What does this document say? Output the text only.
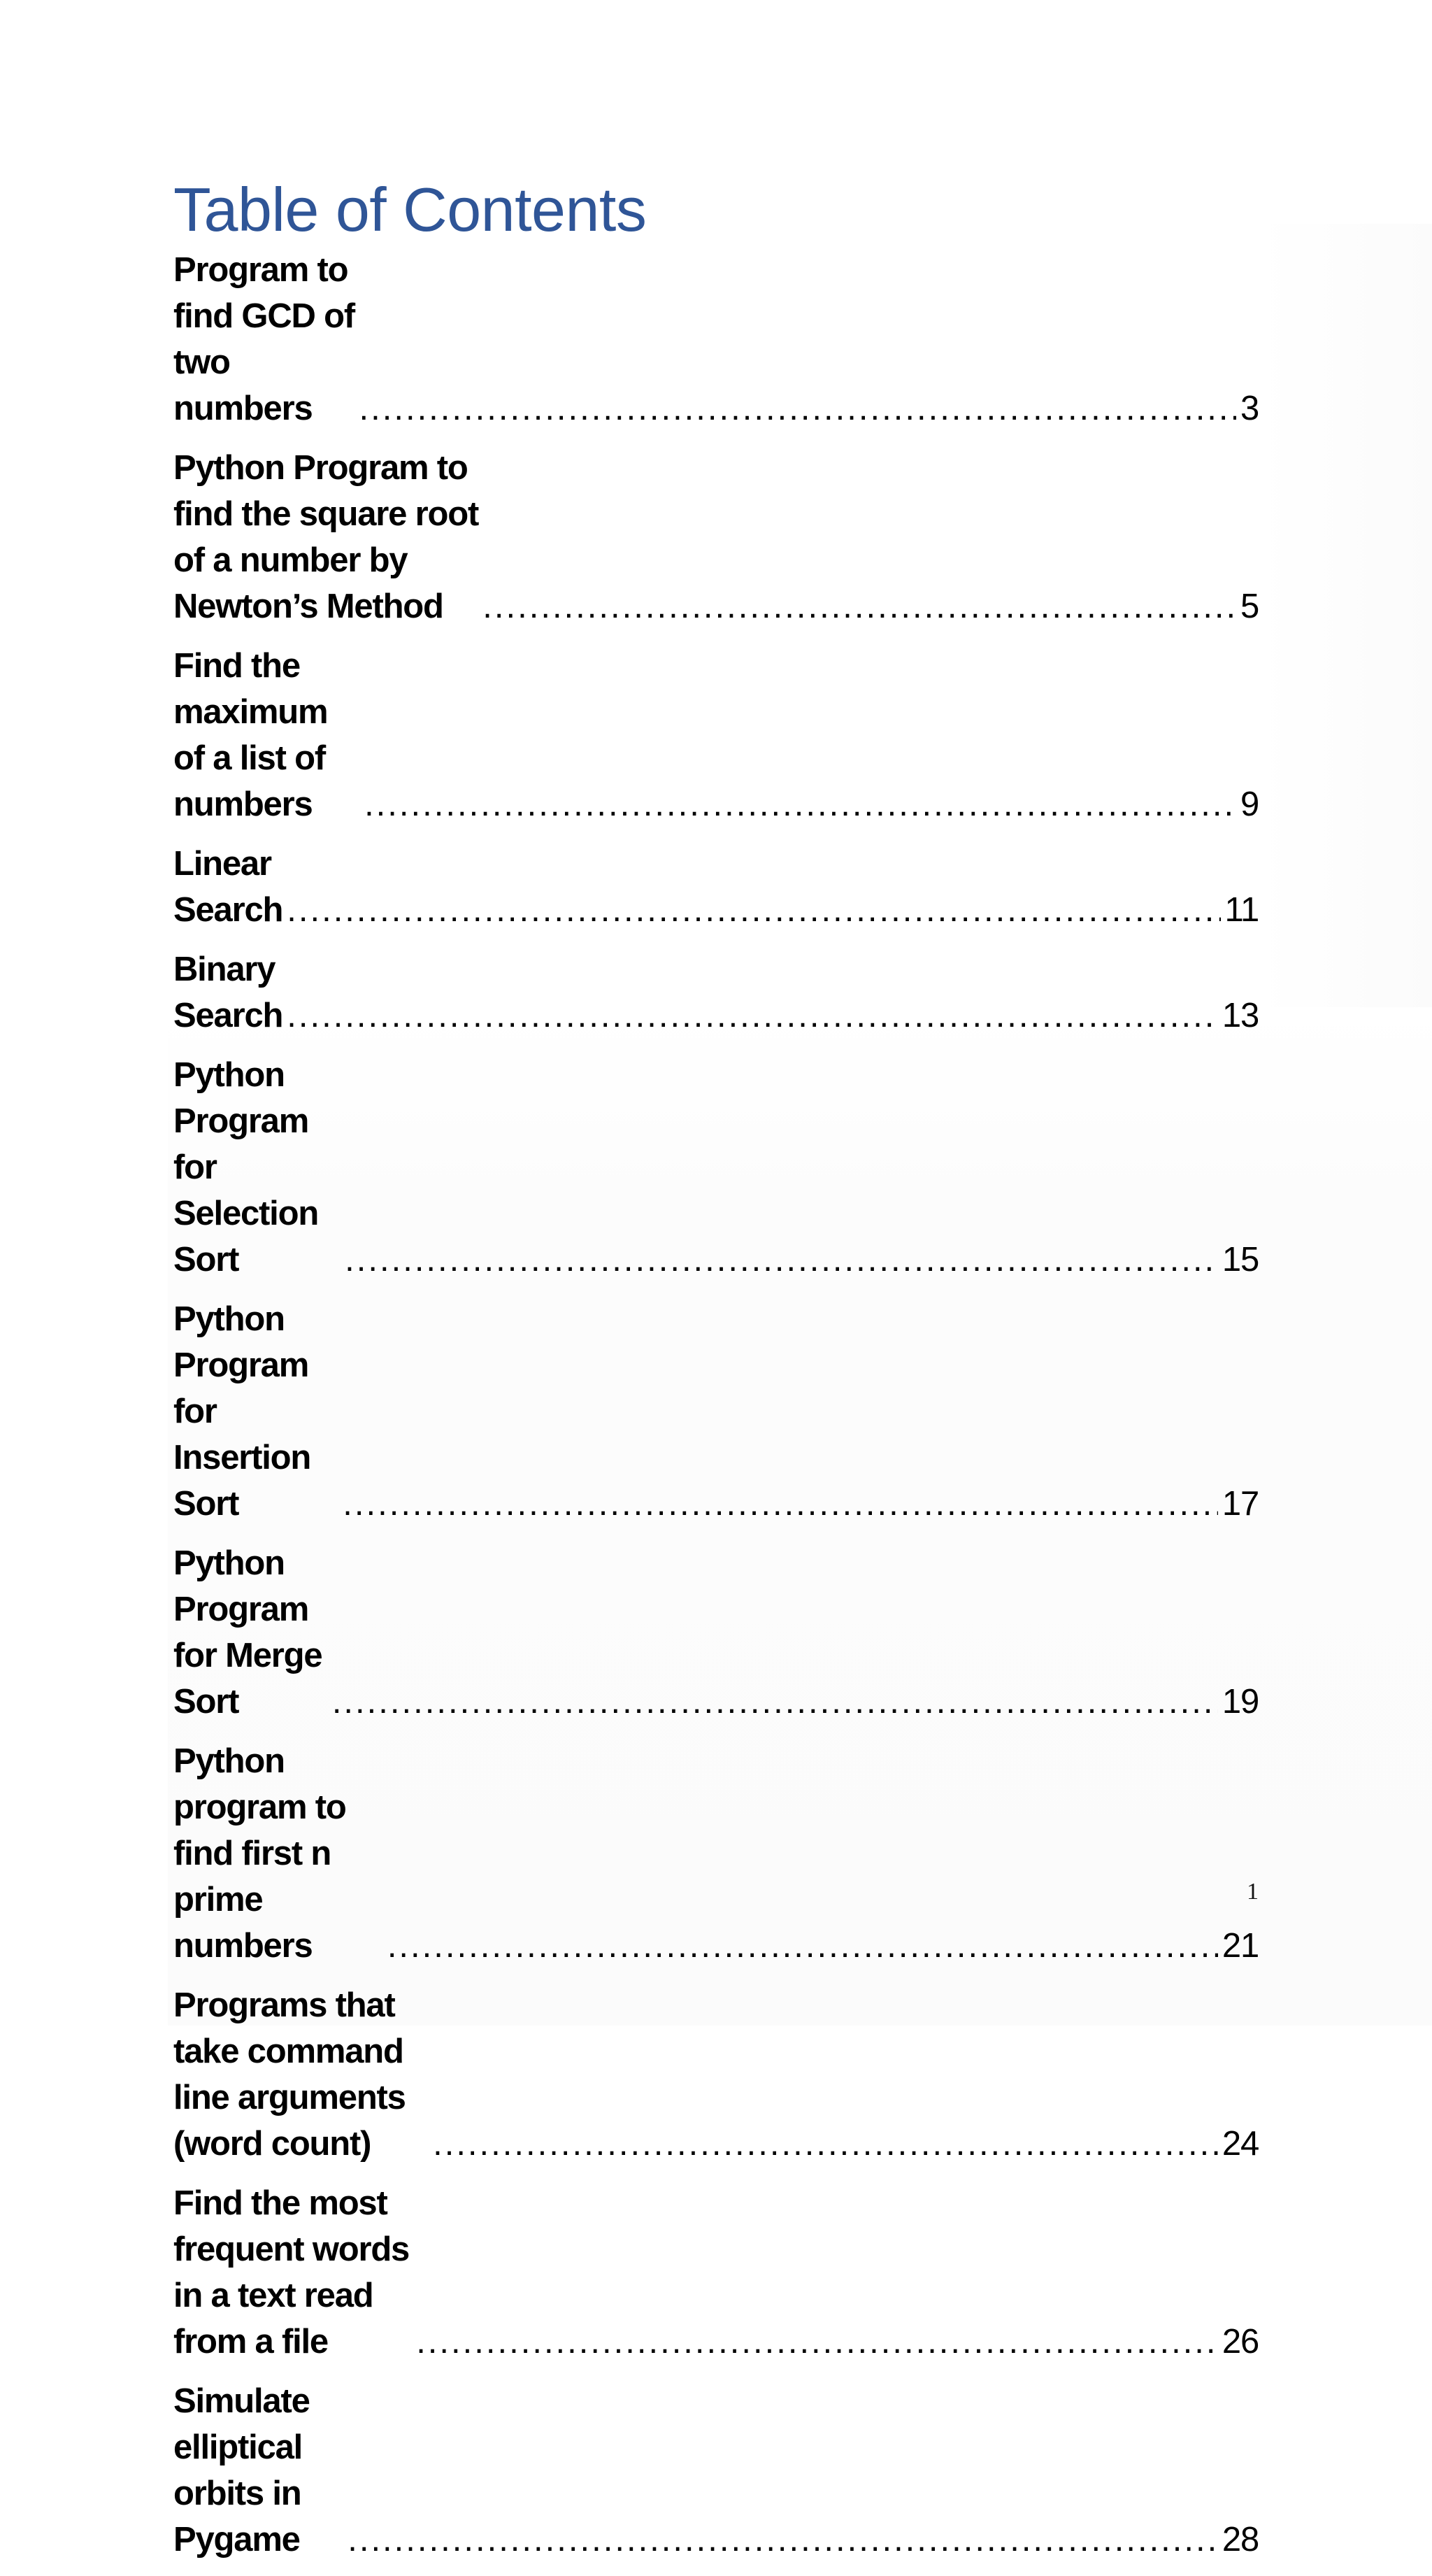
Table of Contents
Program to find GCD of two numbers .....	3
Python Program to find the square root of a number by Newton’s Method .....	5
Find the maximum of a list of numbers .....	9
Linear Search .....	11
Binary Search .....	13
Python Program for Selection Sort .....	15
Python Program for Insertion Sort .....	17
Python Program for Merge Sort .....	19
Python program to find first n prime numbers .....	21
Programs that take command line arguments (word count) .....	24
Find the most frequent words in a text read from a file .....	26
Simulate elliptical orbits in Pygame .....	28
1
